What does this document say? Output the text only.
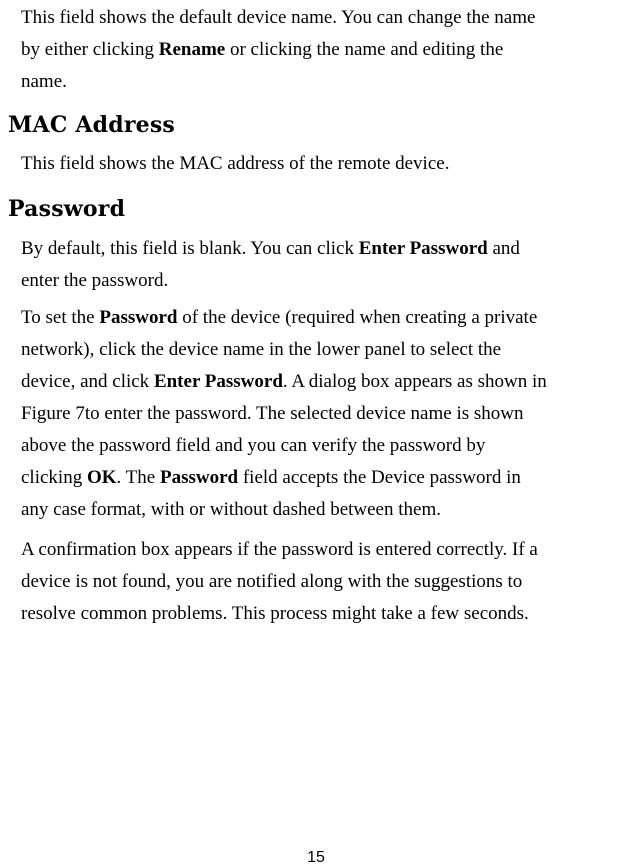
This field shows the default device name. You can change the name
by either clicking Rename or clicking the name and editing the
name.
MAC Address
This field shows the MAC address of the remote device.
Password
By default, this field is blank. You can click Enter Password and
enter the password.
To set the Password of the device (required when creating a private
network), click the device name in the lower panel to select the
device, and click Enter Password. A dialog box appears as shown in
Figure 7to enter the password. The selected device name is shown
above the password field and you can verify the password by
clicking OK. The Password field accepts the Device password in
any case format, with or without dashed between them.
A confirmation box appears if the password is entered correctly. If a
device is not found, you are notified along with the suggestions to
resolve common problems. This process might take a few seconds.
15
